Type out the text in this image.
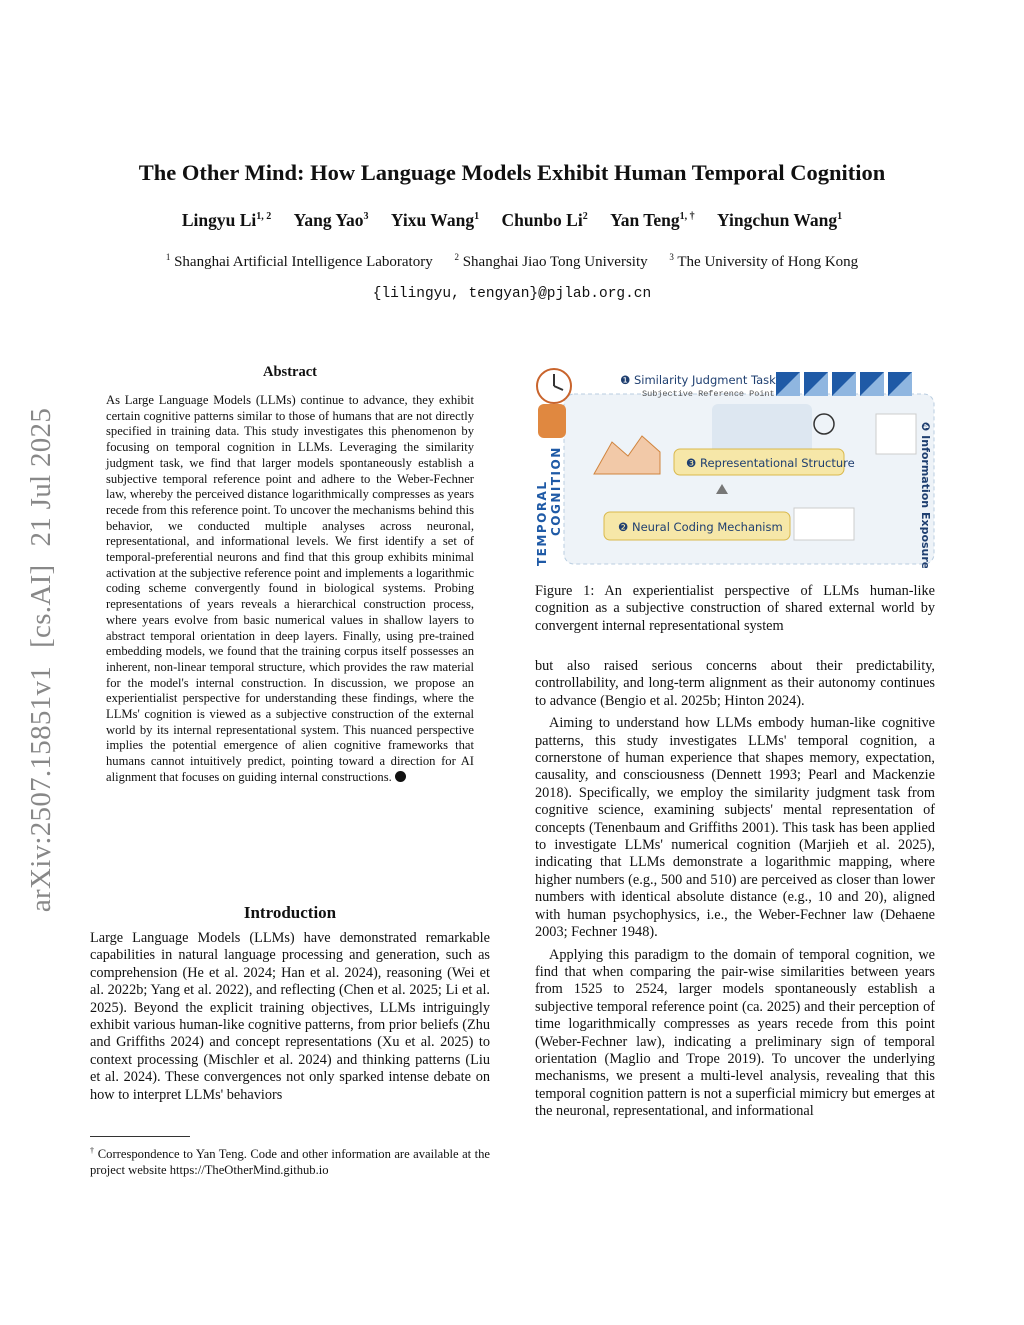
The Other Mind: How Language Models Exhibit Human Temporal Cognition
Lingyu Li$^{1, 2}$ Yang Yao$^3$ Yixu Wang$^1$ Chunbo Li$^2$ Yan Teng$^{1, \dagger}$ Yingchun Wang$^1$
$^1$ Shanghai Artificial Intelligence Laboratory $^2$ Shanghai Jiao Tong University $^3$ The University of Hong Kong
{lilingyu, tengyan}@pjlab.org.cn
arXiv:2507.15851v1[cs.AI]21 Jul 2025
Abstract
As Large Language Models (LLMs) continue to advance, they exhibit certain cognitive patterns similar to those of humans that are not directly specified in training data. This study investigates this phenomenon by focusing on temporal cognition in LLMs. Leveraging the similarity judgment task, we find that larger models spontaneously establish a subjective temporal reference point and adhere to the Weber-Fechner law, whereby the perceived distance logarithmically compresses as years recede from this reference point. To uncover the mechanisms behind this behavior, we conducted multiple analyses across neuronal, representational, and informational levels. We first identify a set of temporal-preferential neurons and find that this group exhibits minimal activation at the subjective reference point and implements a logarithmic coding scheme convergently found in biological systems. Probing representations of years reveals a hierarchical construction process, where years evolve from basic numerical values in shallow layers to abstract temporal orientation in deep layers. Finally, using pre-trained embedding models, we found that the training corpus itself possesses an inherent, non-linear temporal structure, which provides the raw material for the model's internal construction. In discussion, we propose an experientialist perspective for understanding these findings, where the LLMs' cognition is viewed as a subjective construction of the external world by its internal representational system. This nuanced perspective implies the potential emergence of alien cognitive frameworks that humans cannot intuitively predict, pointing toward a direction for AI alignment that focuses on guiding internal constructions.
Introduction
Large Language Models (LLMs) have demonstrated remarkable capabilities in natural language processing and generation, such as comprehension (He et al. 2024; Han et al. 2024), reasoning (Wei et al. 2022b; Yang et al. 2022), and reflecting (Chen et al. 2025; Li et al. 2025). Beyond the explicit training objectives, LLMs intriguingly exhibit various human-like cognitive patterns, from prior beliefs (Zhu and Griffiths 2024) and concept representations (Xu et al. 2025) to context processing (Mischler et al. 2024) and thinking patterns (Liu et al. 2024). These convergences not only sparked intense debate on how to interpret LLMs' behaviors
† Correspondence to Yan Teng. Code and other information are available at the project website https://TheOtherMind.github.io
TEMPORAL COGNITION
❶ Similarity Judgment Task
Subjective Reference Point
❸ Representational Structure
❷ Neural Coding Mechanism	❹ Information Exposure
Figure 1: An experientialist perspective of LLMs human-like cognition as a subjective construction of shared external world by convergent internal representational system

but also raised serious concerns about their predictability, controllability, and long-term alignment as their autonomy continues to advance (Bengio et al. 2025b; Hinton 2024).

Aiming to understand how LLMs embody human-like cognitive patterns, this study investigates LLMs' temporal cognition, a cornerstone of human experience that shapes memory, expectation, causality, and consciousness (Dennett 1993; Pearl and Mackenzie 2018). Specifically, we employ the similarity judgment task from cognitive science, examining subjects' mental representation of concepts (Tenenbaum and Griffiths 2001). This task has been applied to investigate LLMs' numerical cognition (Marjieh et al. 2025), indicating that LLMs demonstrate a logarithmic mapping, where higher numbers (e.g., 500 and 510) are perceived as closer than lower numbers with identical absolute distance (e.g., 10 and 20), aligned with human psychophysics, i.e., the Weber-Fechner law (Dehaene 2003; Fechner 1948).

Applying this paradigm to the domain of temporal cognition, we find that when comparing the pair-wise similarities between years from 1525 to 2524, larger models spontaneously establish a subjective temporal reference point (ca. 2025) and their perception of time logarithmically compresses as years recede from this point (Weber-Fechner law), indicating a preliminary sign of temporal orientation (Maglio and Trope 2019). To uncover the underlying mechanisms, we present a multi-level analysis, revealing that this temporal cognition pattern is not a superficial mimicry but emerges at the neuronal, representational, and informational
